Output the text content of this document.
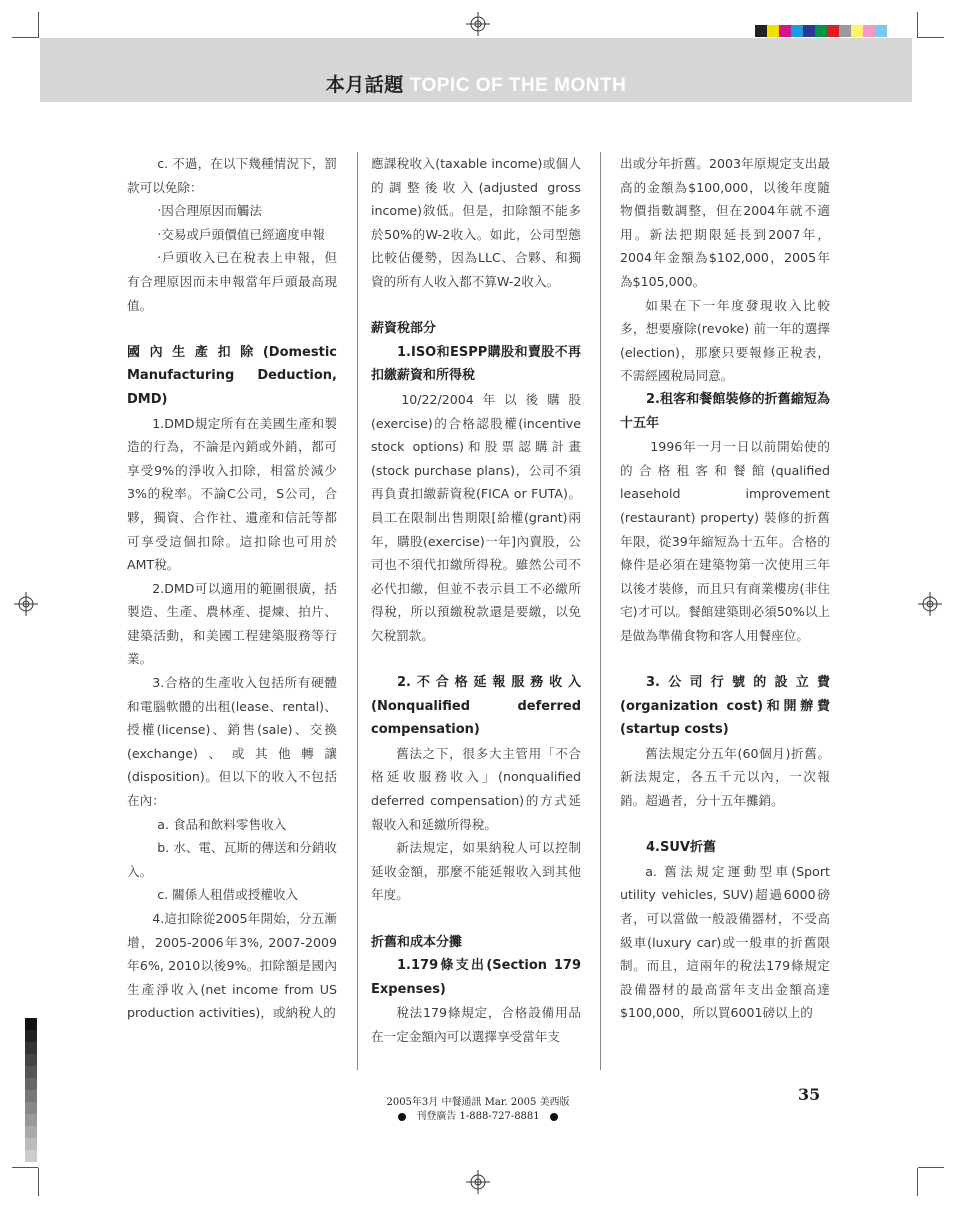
本月話題 TOPIC OF THE MONTH

c. 不過，在以下幾種情況下，罰款可以免除：

‧因合理原因而觸法

‧交易或戶頭價值已經適度申報

‧戶頭收入已在稅表上申報，但有合理原因而未申報當年戶頭最高現值。

國內生產扣除(Domestic Manufacturing Deduction, DMD)

1.DMD規定所有在美國生產和製造的行為，不論是內銷或外銷，都可享受9%的淨收入扣除，相當於減少3%的稅率。不論C公司，S公司，合夥，獨資、合作社、遺產和信託等都可享受這個扣除。這扣除也可用於AMT稅。

2.DMD可以適用的範圍很廣，括製造、生產、農林產、提煉、拍片、建築活動，和美國工程建築服務等行業。

3.合格的生產收入包括所有硬體和電腦軟體的出租(lease、rental)、授權(license)、銷售(sale)、交換(exchange)、或其他轉讓(disposition)。但以下的收入不包括在內：

a. 食品和飲料零售收入

b. 水、電、瓦斯的傳送和分銷收入。

c. 關係人租借或授權收入

4.這扣除從2005年開始，分五漸增，2005-2006年3%, 2007-2009年6%, 2010以後9%。扣除額是國內生產淨收入(net income from US production activities)，或納稅人的

應課稅收入(taxable income)或個人的調整後收入(adjusted gross income)敘低。但是，扣除額不能多於50%的W-2收入。如此，公司型態比較佔優勢，因為LLC、合夥、和獨資的所有人收入都不算W-2收入。

薪資稅部分

1.ISO和ESPP購股和賣股不再扣繳薪資和所得稅

10/22/2004年以後購股(exercise)的合格認股權(incentive stock options)和股票認購計畫(stock purchase plans)，公司不須再負責扣繳薪資稅(FICA or FUTA)。員工在限制出售期限[給權(grant)兩年，購股(exercise)一年]內賣股，公司也不須代扣繳所得稅。雖然公司不必代扣繳，但並不表示員工不必繳所得稅，所以預繳稅款還是要繳，以免欠稅罰款。

2.不合格延報服務收入(Nonqualified deferred compensation)

舊法之下，很多大主管用「不合格延收服務收入」(nonqualified deferred compensation)的方式延報收入和延繳所得稅。

新法規定，如果納稅人可以控制延收金額，那麼不能延報收入到其他年度。

折舊和成本分攤

1.179條支出(Section 179 Expenses)

稅法179條規定，合格設備用品在一定金額內可以選擇享受當年支

出或分年折舊。2003年原規定支出最高的金額為$100,000，以後年度隨物價指數調整，但在2004年就不適用。新法把期限延長到2007年，2004年金額為$102,000，2005年為$105,000。

如果在下一年度發現收入比較多，想要廢除(revoke) 前一年的選擇(election)，那麼只要報修正稅表，不需經國稅局同意。

2.租客和餐館裝修的折舊縮短為十五年

1996年一月一日以前開始使的的合格租客和餐館(qualified leasehold improvement (restaurant) property) 裝修的折舊年限，從39年縮短為十五年。合格的條件是必須在建築物第一次使用三年以後才裝修，而且只有商業樓房(非住宅)才可以。餐館建築則必須50%以上是做為準備食物和客人用餐座位。

3.公司行號的設立費(organization cost)和開辦費(startup costs)

舊法規定分五年(60個月)折舊。新法規定，各五千元以內，一次報銷。超過者，分十五年攤銷。

4.SUV折舊

a. 舊法規定運動型車(Sport utility vehicles, SUV)超過6000磅者，可以當做一般設備器材，不受高級車(luxury car)或一般車的折舊限制。而且，這兩年的稅法179條規定設備器材的最高當年支出金額高達$100,000，所以買6001磅以上的

2005年3月 中餐通訊 Mar. 2005 美西版
刊登廣告 1-888-727-8881
35
